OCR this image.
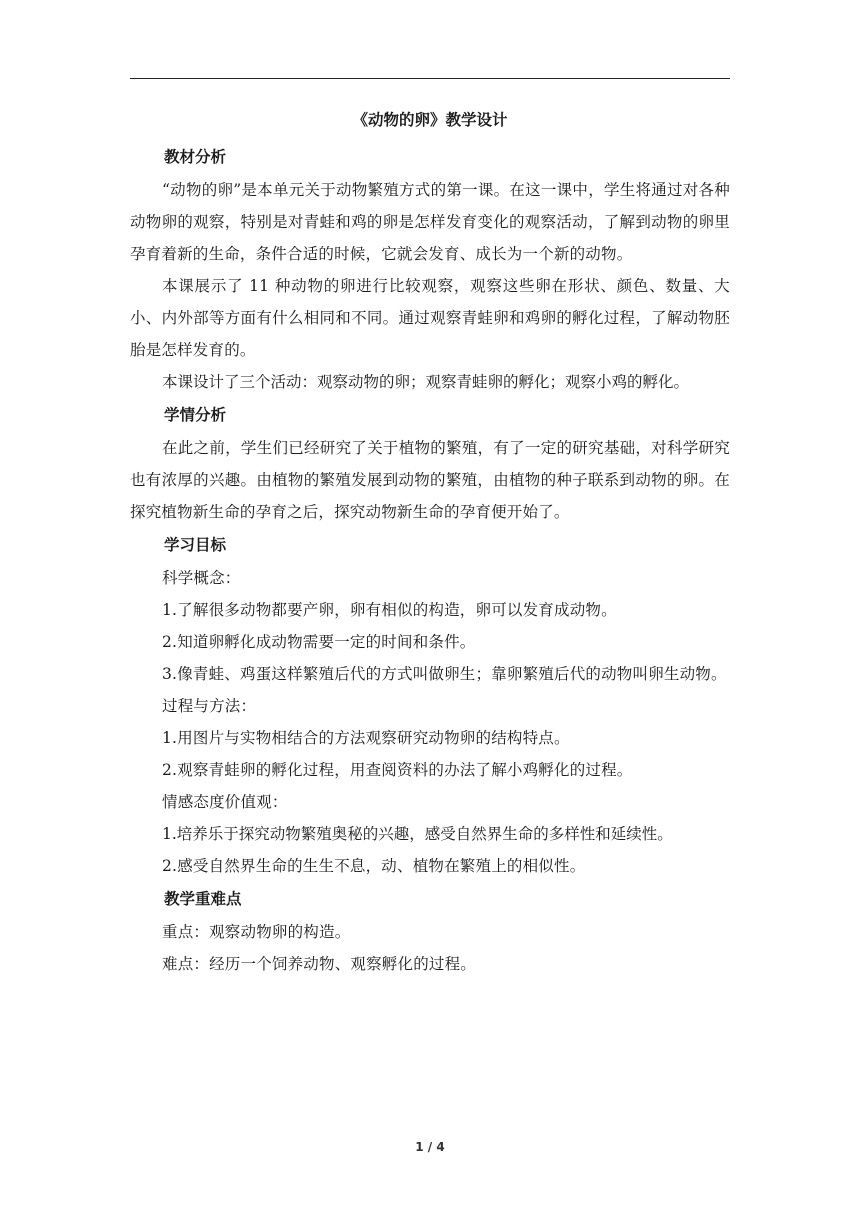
《动物的卵》教学设计

教材分析

“动物的卵”是本单元关于动物繁殖方式的第一课。在这一课中，学生将通过对各种动物卵的观察，特别是对青蛙和鸡的卵是怎样发育变化的观察活动，了解到动物的卵里孕育着新的生命，条件合适的时候，它就会发育、成长为一个新的动物。

本课展示了 11 种动物的卵进行比较观察，观察这些卵在形状、颜色、数量、大小、内外部等方面有什么相同和不同。通过观察青蛙卵和鸡卵的孵化过程，了解动物胚胎是怎样发育的。

本课设计了三个活动：观察动物的卵；观察青蛙卵的孵化；观察小鸡的孵化。

学情分析

在此之前，学生们已经研究了关于植物的繁殖，有了一定的研究基础，对科学研究也有浓厚的兴趣。由植物的繁殖发展到动物的繁殖，由植物的种子联系到动物的卵。在探究植物新生命的孕育之后，探究动物新生命的孕育便开始了。

学习目标

科学概念：

1.了解很多动物都要产卵，卵有相似的构造，卵可以发育成动物。

2.知道卵孵化成动物需要一定的时间和条件。

3.像青蛙、鸡蛋这样繁殖后代的方式叫做卵生；靠卵繁殖后代的动物叫卵生动物。

过程与方法：

1.用图片与实物相结合的方法观察研究动物卵的结构特点。

2.观察青蛙卵的孵化过程，用查阅资料的办法了解小鸡孵化的过程。

情感态度价值观：

1.培养乐于探究动物繁殖奥秘的兴趣，感受自然界生命的多样性和延续性。

2.感受自然界生命的生生不息，动、植物在繁殖上的相似性。

教学重难点

重点：观察动物卵的构造。

难点：经历一个饲养动物、观察孵化的过程。

1 / 4
